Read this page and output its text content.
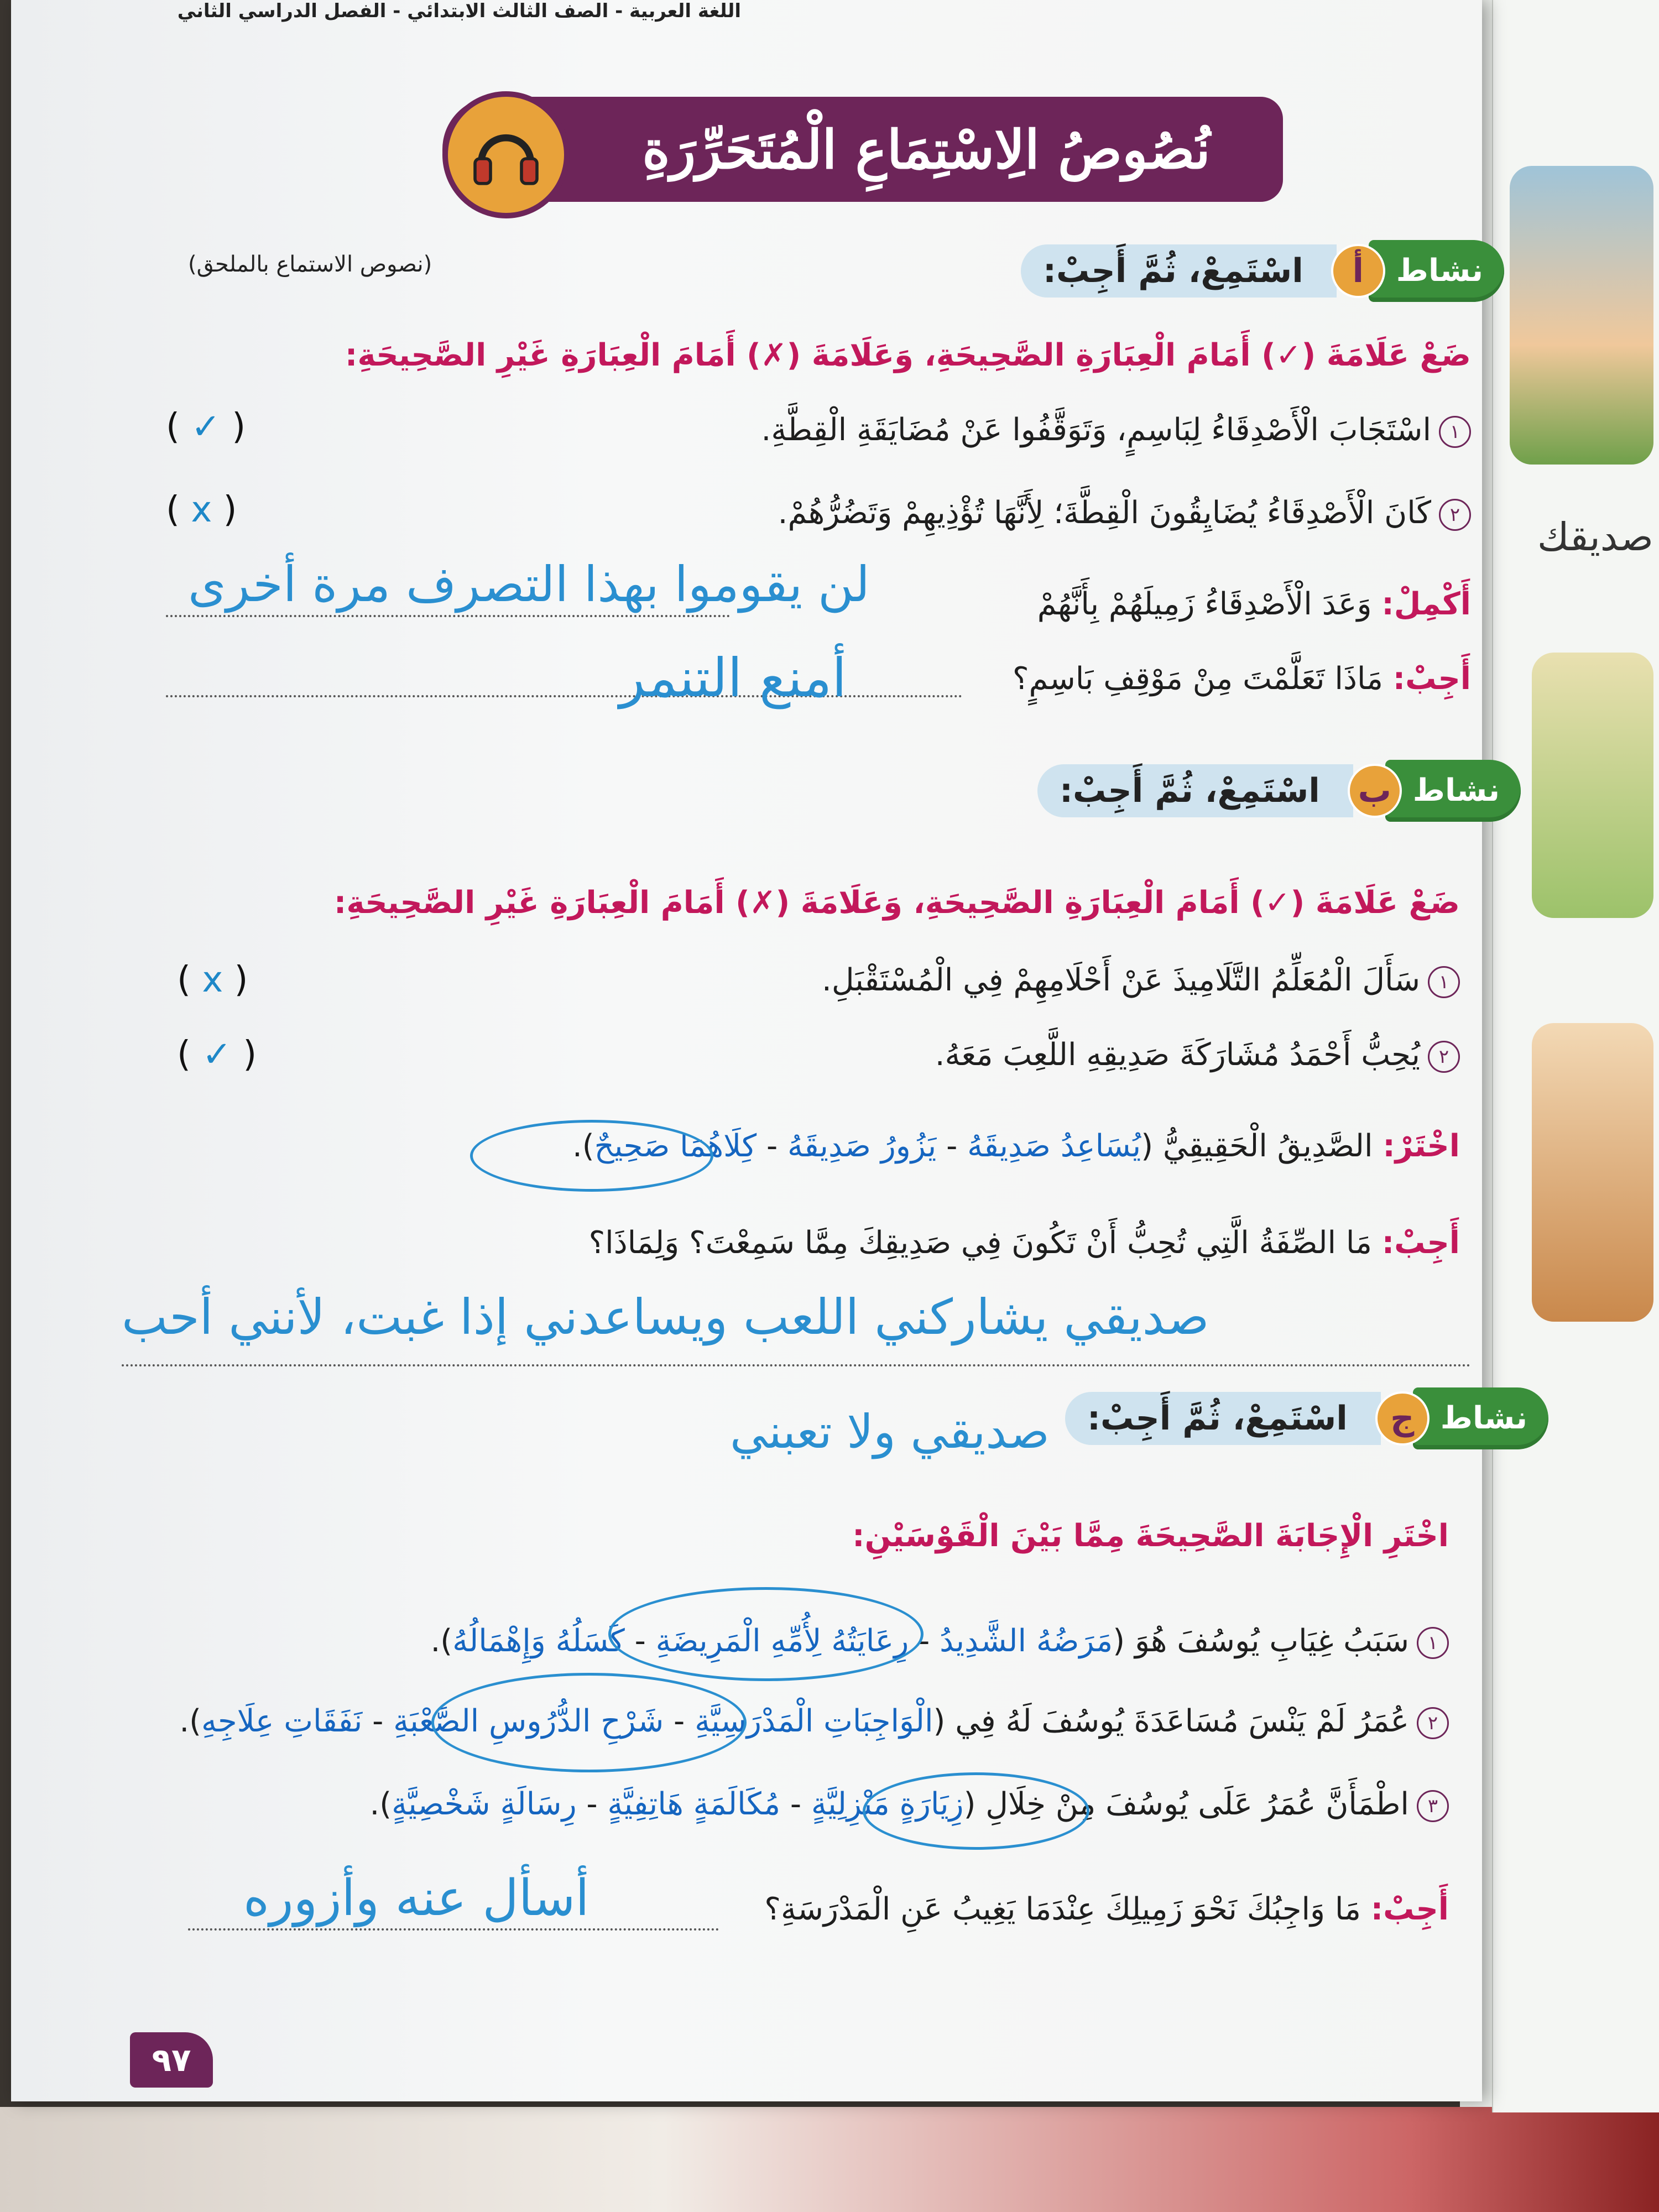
صديقك
اللغة العربية - الصف الثالث الابتدائي - الفصل الدراسي الثاني
نُصُوصُ الِاسْتِمَاعِ الْمُتَحَرِّرَةِ
(نصوص الاستماع بالملحق)	نشاط
أ
اسْتَمِعْ، ثُمَّ أَجِبْ:
ضَعْ عَلَامَةَ (✓) أَمَامَ الْعِبَارَةِ الصَّحِيحَةِ، وَعَلَامَةَ (✗) أَمَامَ الْعِبَارَةِ غَيْرِ الصَّحِيحَةِ:
١اسْتَجَابَ الْأَصْدِقَاءُ لِبَاسِمٍ، وَتَوَقَّفُوا عَنْ مُضَايَقَةِ الْقِطَّةِ.
( ✓ )
٢كَانَ الْأَصْدِقَاءُ يُضَايِقُونَ الْقِطَّةَ؛ لِأَنَّهَا تُؤْذِيهِمْ وَتَضُرُّهُمْ.
( x )
أَكْمِلْ: وَعَدَ الْأَصْدِقَاءُ زَمِيلَهُمْ بِأَنَّهُمْ
لن يقوموا بهذا التصرف مرة أخرى
أَجِبْ: مَاذَا تَعَلَّمْتَ مِنْ مَوْقِفِ بَاسِمٍ؟
أمنع التنمر
نشاط
ب
اسْتَمِعْ، ثُمَّ أَجِبْ:
ضَعْ عَلَامَةَ (✓) أَمَامَ الْعِبَارَةِ الصَّحِيحَةِ، وَعَلَامَةَ (✗) أَمَامَ الْعِبَارَةِ غَيْرِ الصَّحِيحَةِ:
١سَأَلَ الْمُعَلِّمُ التَّلَامِيذَ عَنْ أَحْلَامِهِمْ فِي الْمُسْتَقْبَلِ.
( x )
٢يُحِبُّ أَحْمَدُ مُشَارَكَةَ صَدِيقِهِ اللَّعِبَ مَعَهُ.
( ✓ )
اخْتَرْ: الصَّدِيقُ الْحَقِيقِيُّ (يُسَاعِدُ صَدِيقَهُ - يَزُورُ صَدِيقَهُ - كِلَاهُمَا صَحِيحٌ).
أَجِبْ: مَا الصِّفَةُ الَّتِي تُحِبُّ أَنْ تَكُونَ فِي صَدِيقِكَ مِمَّا سَمِعْتَ؟ وَلِمَاذَا؟
صديقي يشاركني اللعب ويساعدني إذا غبت، لأنني أحب
صديقي ولا تعبني	نشاط
ج
اسْتَمِعْ، ثُمَّ أَجِبْ:
اخْتَرِ الْإِجَابَةَ الصَّحِيحَةَ مِمَّا بَيْنَ الْقَوْسَيْنِ:
١سَبَبُ غِيَابِ يُوسُفَ هُوَ (مَرَضُهُ الشَّدِيدُ - رِعَايَتُهُ لِأُمِّهِ الْمَرِيضَةِ - كَسَلُهُ وَإِهْمَالُهُ).
٢عُمَرُ لَمْ يَنْسَ مُسَاعَدَةَ يُوسُفَ لَهُ فِي (الْوَاجِبَاتِ الْمَدْرَسِيَّةِ - شَرْحِ الدُّرُوسِ الصَّعْبَةِ - نَفَقَاتِ عِلَاجِهِ).
٣اطْمَأَنَّ عُمَرُ عَلَى يُوسُفَ مِنْ خِلَالِ (زِيَارَةٍ مَنْزِلِيَّةٍ - مُكَالَمَةٍ هَاتِفِيَّةٍ - رِسَالَةٍ شَخْصِيَّةٍ).
أَجِبْ: مَا وَاجِبُكَ نَحْوَ زَمِيلِكَ عِنْدَمَا يَغِيبُ عَنِ الْمَدْرَسَةِ؟
أسأل عنه وأزوره
٩٧
